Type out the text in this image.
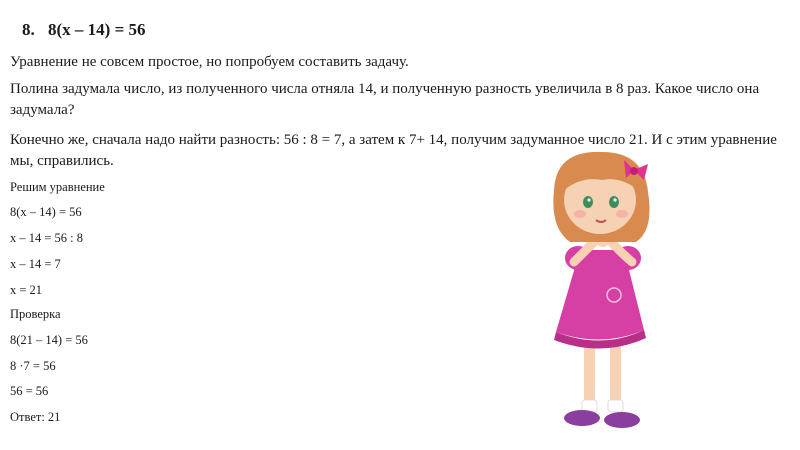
8. 8(x – 14) = 56
Уравнение не совсем простое, но попробуем составить задачу.
Полина задумала число, из полученного числа отняла 14, и полученную разность увеличила в 8 раз. Какое число она задумала?
Конечно же, сначала надо найти разность: 56 : 8 = 7, а затем к 7+ 14, получим задуманное число 21. И с этим уравнение мы, справились.
Решим уравнение
8(x – 14) = 56
x – 14 = 56 : 8
x – 14 = 7
x = 21
Проверка
8(21 – 14) = 56
8 ·7 = 56
56 = 56
Ответ: 21
